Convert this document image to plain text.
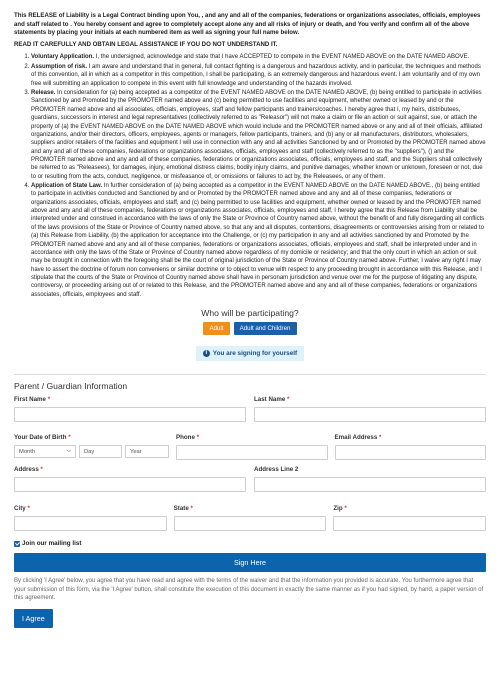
This RELEASE of Liability is a Legal Contract binding upon You, , and any and all of the companies, federations or organizations associates, officials, employees and staff related to . You hereby consent and agree to completely accept alone any and all risks of injury or death, and You verify and confirm all of the above statements by placing your initials at each numbered item as well as signing your full name below.

READ IT CAREFULLY AND OBTAIN LEGAL ASSISTANCE IF YOU DO NOT UNDERSTAND IT.
1. Voluntary Application. I, the undersigned, acknowledge and state that I have ACCEPTED to compete in the EVENT NAMED ABOVE on the DATE NAMED ABOVE.
2. Assumption of risk. I am aware and understand that in general, full contact fighting is a dangerous and hazardous activity, and in particular, the techniques and methods of this convention, all in which as a competitor in this competition, I shall be participating, is an extremely dangerous and hazardous event. I am voluntarily and of my own free will submitting an application to compete in this event with full knowledge and understanding of the hazards involved.
3. Release. In consideration for (a) being accepted as a competitor of the EVENT NAMED ABOVE on the DATE NAMED ABOVE, (b) being entitled to participate in activities Sanctioned by and Promoted by the PROMOTER named above and (c) being permitted to use facilities and equipment, whether owned or leased by and or the PROMOTER named above and all associates, officials, employees, staff and fellow participants and trainers/coaches. I hereby agree that I, my heirs, distributees, guardians, successors in interest and legal representatives (collectively referred to as "Releasor") will not make a claim or file an action or suit against, sue, or attach the property of (a) the EVENT NAMED ABOVE on the DATE NAMED ABOVE which would include and the PROMOTER named above or any and all of their officials, affiliated organizations, and/or their directors, officers, employees, agents or managers, fellow participants, trainers, and (b) any or all manufacturers, distributors, wholesalers, suppliers and/or retailers of the facilities and equipment I will use in connection with any and all activities Sanctioned by and or Promoted by the PROMOTER named above and any and all of these companies, federations or organizations associates, officials, employees and staff (collectively referred to as the "suppliers"), () and the PROMOTER named above and any and all of these companies, federations or organizations associates, officials, employees and staff, and the Suppliers shall collectively be referred to as "Releasees), for damages, injury, emotional distress claims, bodily injury claims, and punitive damages, whether known or unknown, foreseen or not, due to or resulting from the acts, conduct, negligence, or misfeasance of, or omissions or failures to act by, the Releasees, or any of them.
4. Application of State Law. In further consideration of (a) being accepted as a competitor in the EVENT NAMED ABOVE on the DATE NAMED ABOVE., (b) being entitled to participate in activities conducted and Sanctioned by and or Promoted by the PROMOTER named above and any and all of these companies, federations or organizations associates, officials, employees and staff, and (c) being permitted to use facilities and equipment, whether owned or leased by and the PROMOTER named above and any and all of these companies, federations or organizations associates, officials, employees and staff, I hereby agree that this Release from Liability shall be interpreted under and construed in accordance with the laws of only the State or Province of Country named above, without the benefit of and fully disregarding all conflicts of the laws provisions of the State or Province of Country named above, so that any and all disputes, contentions, disagreements or controversies arising from or related to (a) this Release from Liability, (b) the application for acceptance into the Challenge, or (c) my participation in any and all activities sanctioned by and Promoted by the PROMOTER named above and any and all of these companies, federations or organizations associates, officials, employees and staff, shall be interpreted under and in accordance with only the laws of the State or Province of Country named above regardless of my domicile or residency; and that the only court in which an action or suit may be brought in connection with the foregoing shall be the court of original jurisdiction of the State or Province of Country named above. Further, I waive any right I may have to assert the doctrine of forum non conveniens or similar doctrine or to object to venue with respect to any proceeding brought in accordance with this Release, and I stipulate that the courts of the State or Province of Country named above shall have in personam jurisdiction and venue over me for the purpose of litigating any dispute, controversy, or proceeding arising out of or related to this Release, and the PROMOTER named above and any and all of these companies, federations or organizations associates, officials, employees and staff.
Who will be participating?
Adult	Adult and Children
i You are signing for yourself
Parent / Guardian Information
First Name *	Last Name *
Your Date of Birth *
Month	⌵ Day	Year
Phone *	Email Address *
Address *	Address Line 2
City *	State *	Zip *
Join our mailing list
Sign Here
By clicking 'I Agree' below, you agree that you have read and agree with the terms of the waiver and that the information you provided is accurate. You furthermore agree that your submission of this form, via the 'I Agree' button, shall constitute the execution of this document in exactly the same manner as if you had signed, by hand, a paper version of this agreement.
I Agree
